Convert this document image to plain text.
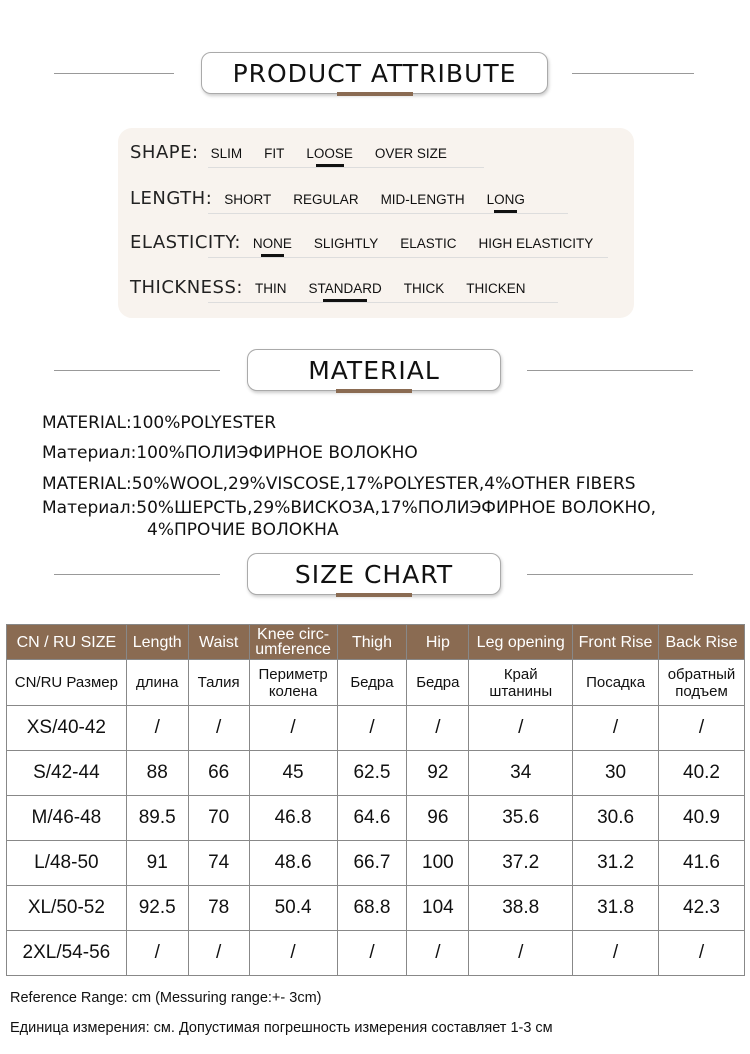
PRODUCT ATTRIBUTE
SHAPE: SLIM FIT LOOSE OVER SIZE
LENGTH: SHORT REGULAR MID-LENGTH LONG
ELASTICITY: NONE SLIGHTLY ELASTIC HIGH ELASTICITY
THICKNESS: THIN STANDARD THICK THICKEN
MATERIAL
MATERIAL:100%POLYESTER
Материал:100%ПОЛИЭФИРНОЕ ВОЛОКНО
MATERIAL:50%WOOL,29%VISCOSE,17%POLYESTER,4%OTHER FIBERS
Материал:50%ШЕРСТЬ,29%ВИСКОЗА,17%ПОЛИЭФИРНОЕ ВОЛОКНО,
4%ПРОЧИЕ ВОЛОКНА
SIZE CHART
CN / RU SIZE	Length	Waist	Knee circ-
umference	Thigh	Hip	Leg opening	Front Rise	Back Rise
CN/RU Размер	длина	Талия	Периметр
колена	Бедра	Бедра	Край
штанины	Посадка	обратный
подъем
XS/40-42	/	/	/	/	/	/	/	/
S/42-44	88	66	45	62.5	92	34	30	40.2
M/46-48	89.5	70	46.8	64.6	96	35.6	30.6	40.9
L/48-50	91	74	48.6	66.7	100	37.2	31.2	41.6
XL/50-52	92.5	78	50.4	68.8	104	38.8	31.8	42.3
2XL/54-56	/	/	/	/	/	/	/	/
Reference Range: cm (Messuring range:+- 3cm)
Единица измерения: см. Допустимая погрешность измерения составляет 1-3 см
